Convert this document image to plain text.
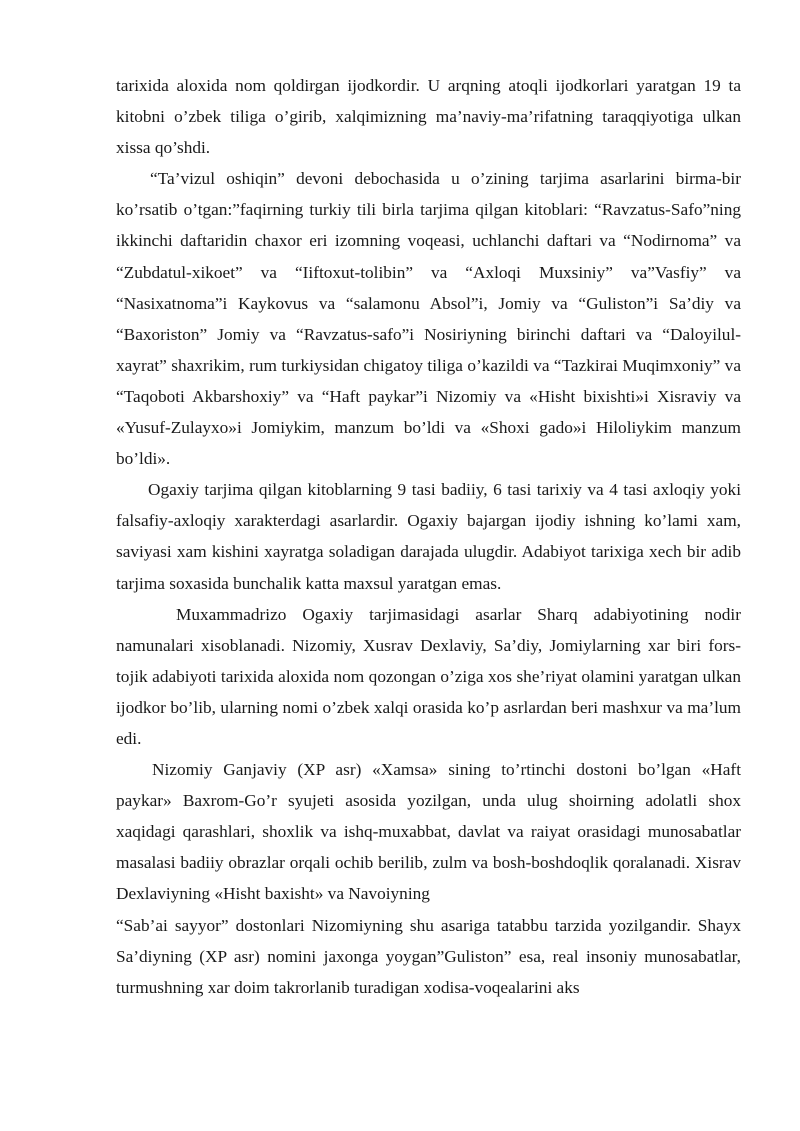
tarixida aloxida nom qoldirgan ijodkordir. U arqning atoqli ijodkorlari yaratgan 19 ta kitobni o’zbek tiliga o’girib, xalqimizning ma’naviy-ma’rifatning taraqqiyotiga ulkan xissa qo’shdi.

“Ta’vizul oshiqin” devoni debochasida u o’zining tarjima asarlarini birma-bir ko’rsatib o’tgan:”faqirning turkiy tili birla tarjima qilgan kitoblari: “Ravzatus-Safo”ning ikkinchi daftaridin chaxor eri izomning voqeasi, uchlanchi daftari va “Nodirnoma” va “Zubdatul-xikoet” va “Iiftoxut-tolibin” va “Axloqi Muxsiniy” va”Vasfiy” va “Nasixatnoma”i Kaykovus va “salamonu Absol”i, Jomiy va “Guliston”i Sa’diy va “Baxoriston” Jomiy va “Ravzatus-safo”i Nosiriyning birinchi daftari va “Daloyilul-xayrat” shaxrikim, rum turkiysidan chigatoy tiliga o’kazildi va “Tazkirai Muqimxoniy” va “Taqoboti Akbarshoxiy” va “Haft paykar”i Nizomiy va «Hisht bixishti»i Xisraviy va «Yusuf-Zulayxo»i Jomiykim, manzum bo’ldi va «Shoxi gado»i Hiloliykim manzum bo’ldi».

Ogaxiy tarjima qilgan kitoblarning 9 tasi badiiy, 6 tasi tarixiy va 4 tasi axloqiy yoki falsafiy-axloqiy xarakterdagi asarlardir. Ogaxiy bajargan ijodiy ishning ko’lami xam, saviyasi xam kishini xayratga soladigan darajada ulugdir. Adabiyot tarixiga xech bir adib tarjima soxasida bunchalik katta maxsul yaratgan emas.

Muxammadrizo Ogaxiy tarjimasidagi asarlar Sharq adabiyotining nodir namunalari xisoblanadi. Nizomiy, Xusrav Dexlaviy, Sa’diy, Jomiylarning xar biri fors-tojik adabiyoti tarixida aloxida nom qozongan o’ziga xos she’riyat olamini yaratgan ulkan ijodkor bo’lib, ularning nomi o’zbek xalqi orasida ko’p asrlardan beri mashxur va ma’lum edi.

Nizomiy Ganjaviy (XP asr) «Xamsa» sining to’rtinchi dostoni bo’lgan «Haft paykar» Baxrom-Go’r syujeti asosida yozilgan, unda ulug shoirning adolatli shox xaqidagi qarashlari, shoxlik va ishq-muxabbat, davlat va raiyat orasidagi munosabatlar masalasi badiiy obrazlar orqali ochib berilib, zulm va bosh-boshdoqlik qoralanadi. Xisrav Dexlaviyning «Hisht baxisht» va Navoiyning

“Sab’ai sayyor” dostonlari Nizomiyning shu asariga tatabbu tarzida yozilgandir. Shayx Sa’diyning (XP asr) nomini jaxonga yoygan”Guliston” esa, real insoniy munosabatlar, turmushning xar doim takrorlanib turadigan xodisa-voqealarini aks
